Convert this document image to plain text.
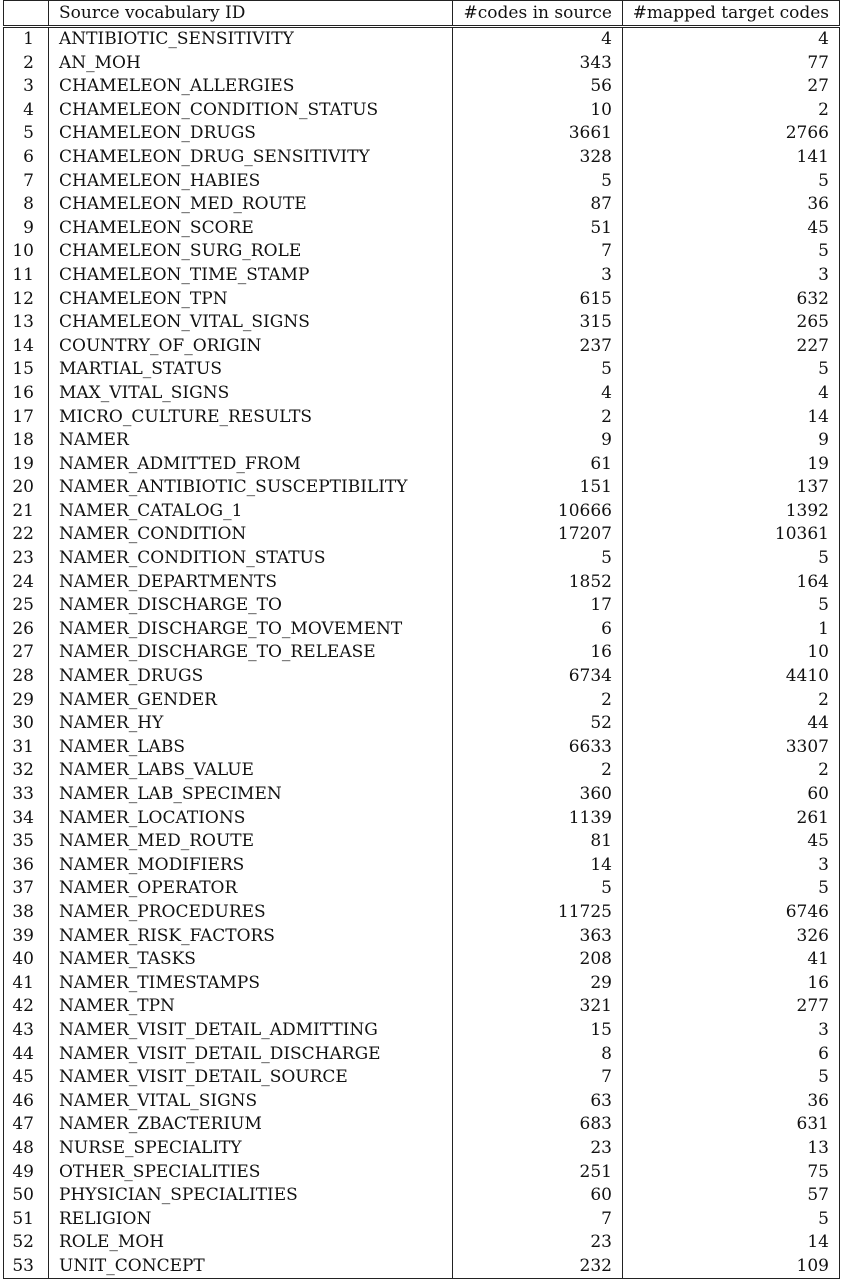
	Source vocabulary ID	#codes in source	#mapped target codes
1	ANTIBIOTIC_SENSITIVITY	4	4
2	AN_MOH	343	77
3	CHAMELEON_ALLERGIES	56	27
4	CHAMELEON_CONDITION_STATUS	10	2
5	CHAMELEON_DRUGS	3661	2766
6	CHAMELEON_DRUG_SENSITIVITY	328	141
7	CHAMELEON_HABIES	5	5
8	CHAMELEON_MED_ROUTE	87	36
9	CHAMELEON_SCORE	51	45
10	CHAMELEON_SURG_ROLE	7	5
11	CHAMELEON_TIME_STAMP	3	3
12	CHAMELEON_TPN	615	632
13	CHAMELEON_VITAL_SIGNS	315	265
14	COUNTRY_OF_ORIGIN	237	227
15	MARTIAL_STATUS	5	5
16	MAX_VITAL_SIGNS	4	4
17	MICRO_CULTURE_RESULTS	2	14
18	NAMER	9	9
19	NAMER_ADMITTED_FROM	61	19
20	NAMER_ANTIBIOTIC_SUSCEPTIBILITY	151	137
21	NAMER_CATALOG_1	10666	1392
22	NAMER_CONDITION	17207	10361
23	NAMER_CONDITION_STATUS	5	5
24	NAMER_DEPARTMENTS	1852	164
25	NAMER_DISCHARGE_TO	17	5
26	NAMER_DISCHARGE_TO_MOVEMENT	6	1
27	NAMER_DISCHARGE_TO_RELEASE	16	10
28	NAMER_DRUGS	6734	4410
29	NAMER_GENDER	2	2
30	NAMER_HY	52	44
31	NAMER_LABS	6633	3307
32	NAMER_LABS_VALUE	2	2
33	NAMER_LAB_SPECIMEN	360	60
34	NAMER_LOCATIONS	1139	261
35	NAMER_MED_ROUTE	81	45
36	NAMER_MODIFIERS	14	3
37	NAMER_OPERATOR	5	5
38	NAMER_PROCEDURES	11725	6746
39	NAMER_RISK_FACTORS	363	326
40	NAMER_TASKS	208	41
41	NAMER_TIMESTAMPS	29	16
42	NAMER_TPN	321	277
43	NAMER_VISIT_DETAIL_ADMITTING	15	3
44	NAMER_VISIT_DETAIL_DISCHARGE	8	6
45	NAMER_VISIT_DETAIL_SOURCE	7	5
46	NAMER_VITAL_SIGNS	63	36
47	NAMER_ZBACTERIUM	683	631
48	NURSE_SPECIALITY	23	13
49	OTHER_SPECIALITIES	251	75
50	PHYSICIAN_SPECIALITIES	60	57
51	RELIGION	7	5
52	ROLE_MOH	23	14
53	UNIT_CONCEPT	232	109
